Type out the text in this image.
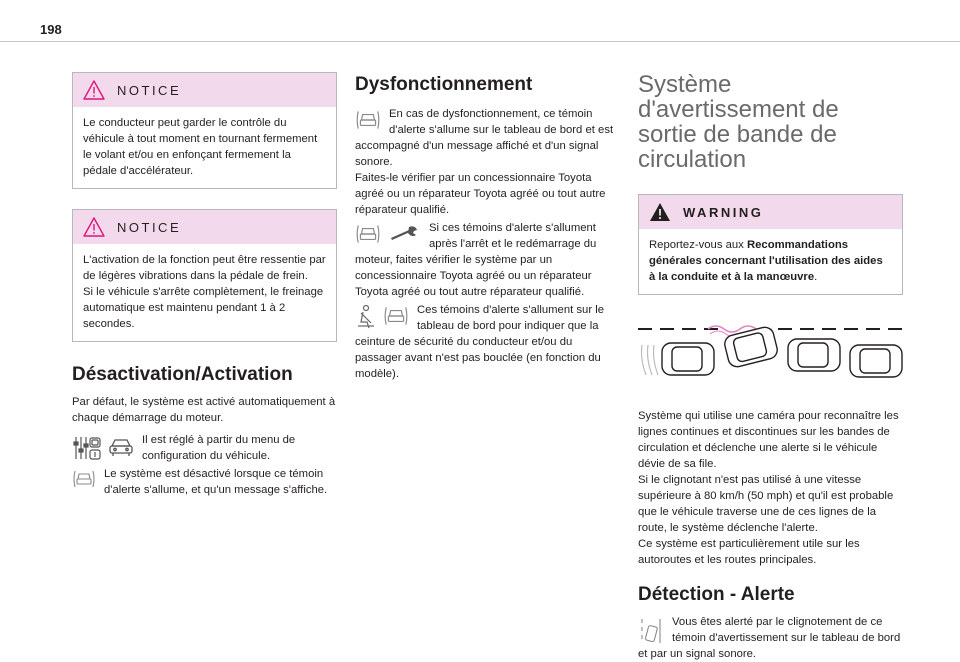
198
NOTICE

Le conducteur peut garder le contrôle du véhicule à tout moment en tournant fermement le volant et/ou en enfonçant fermement la pédale d'accélérateur.

NOTICE

L'activation de la fonction peut être ressentie par de légères vibrations dans la pédale de frein.

Si le véhicule s'arrête complètement, le freinage automatique est maintenu pendant 1 à 2 secondes.

Désactivation/Activation

Par défaut, le système est activé automatiquement à chaque démarrage du moteur.

Il est réglé à partir du menu de configuration du véhicule.
Le système est désactivé lorsque ce témoin d'alerte s'allume, et qu'un message s'affiche.
Dysfonctionnement
En cas de dysfonctionnement, ce témoin d'alerte s'allume sur le tableau de bord et est accompagné d'un message affiché et d'un signal sonore.
Faites-le vérifier par un concessionnaire Toyota agréé ou un réparateur Toyota agréé ou tout autre réparateur qualifié.
Si ces témoins d'alerte s'allument après l'arrêt et le redémarrage du moteur, faites vérifier le système par un concessionnaire Toyota agréé ou un réparateur Toyota agréé ou tout autre réparateur qualifié.
Ces témoins d'alerte s'allument sur le tableau de bord pour indiquer que la ceinture de sécurité du conducteur et/ou du passager avant n'est pas bouclée (en fonction du modèle).
Système d'avertissement de sortie de bande de circulation
WARNING

Reportez-vous aux Recommandations générales concernant l'utilisation des aides à la conduite et à la manœuvre.

Système qui utilise une caméra pour reconnaître les lignes continues et discontinues sur les bandes de circulation et déclenche une alerte si le véhicule dévie de sa file.

Si le clignotant n'est pas utilisé à une vitesse supérieure à 80 km/h (50 mph) et qu'il est probable que le véhicule traverse une de ces lignes de la route, le système déclenche l'alerte.

Ce système est particulièrement utile sur les autoroutes et les routes principales.

Détection - Alerte
Vous êtes alerté par le clignotement de ce témoin d'avertissement sur le tableau de bord et par un signal sonore.
